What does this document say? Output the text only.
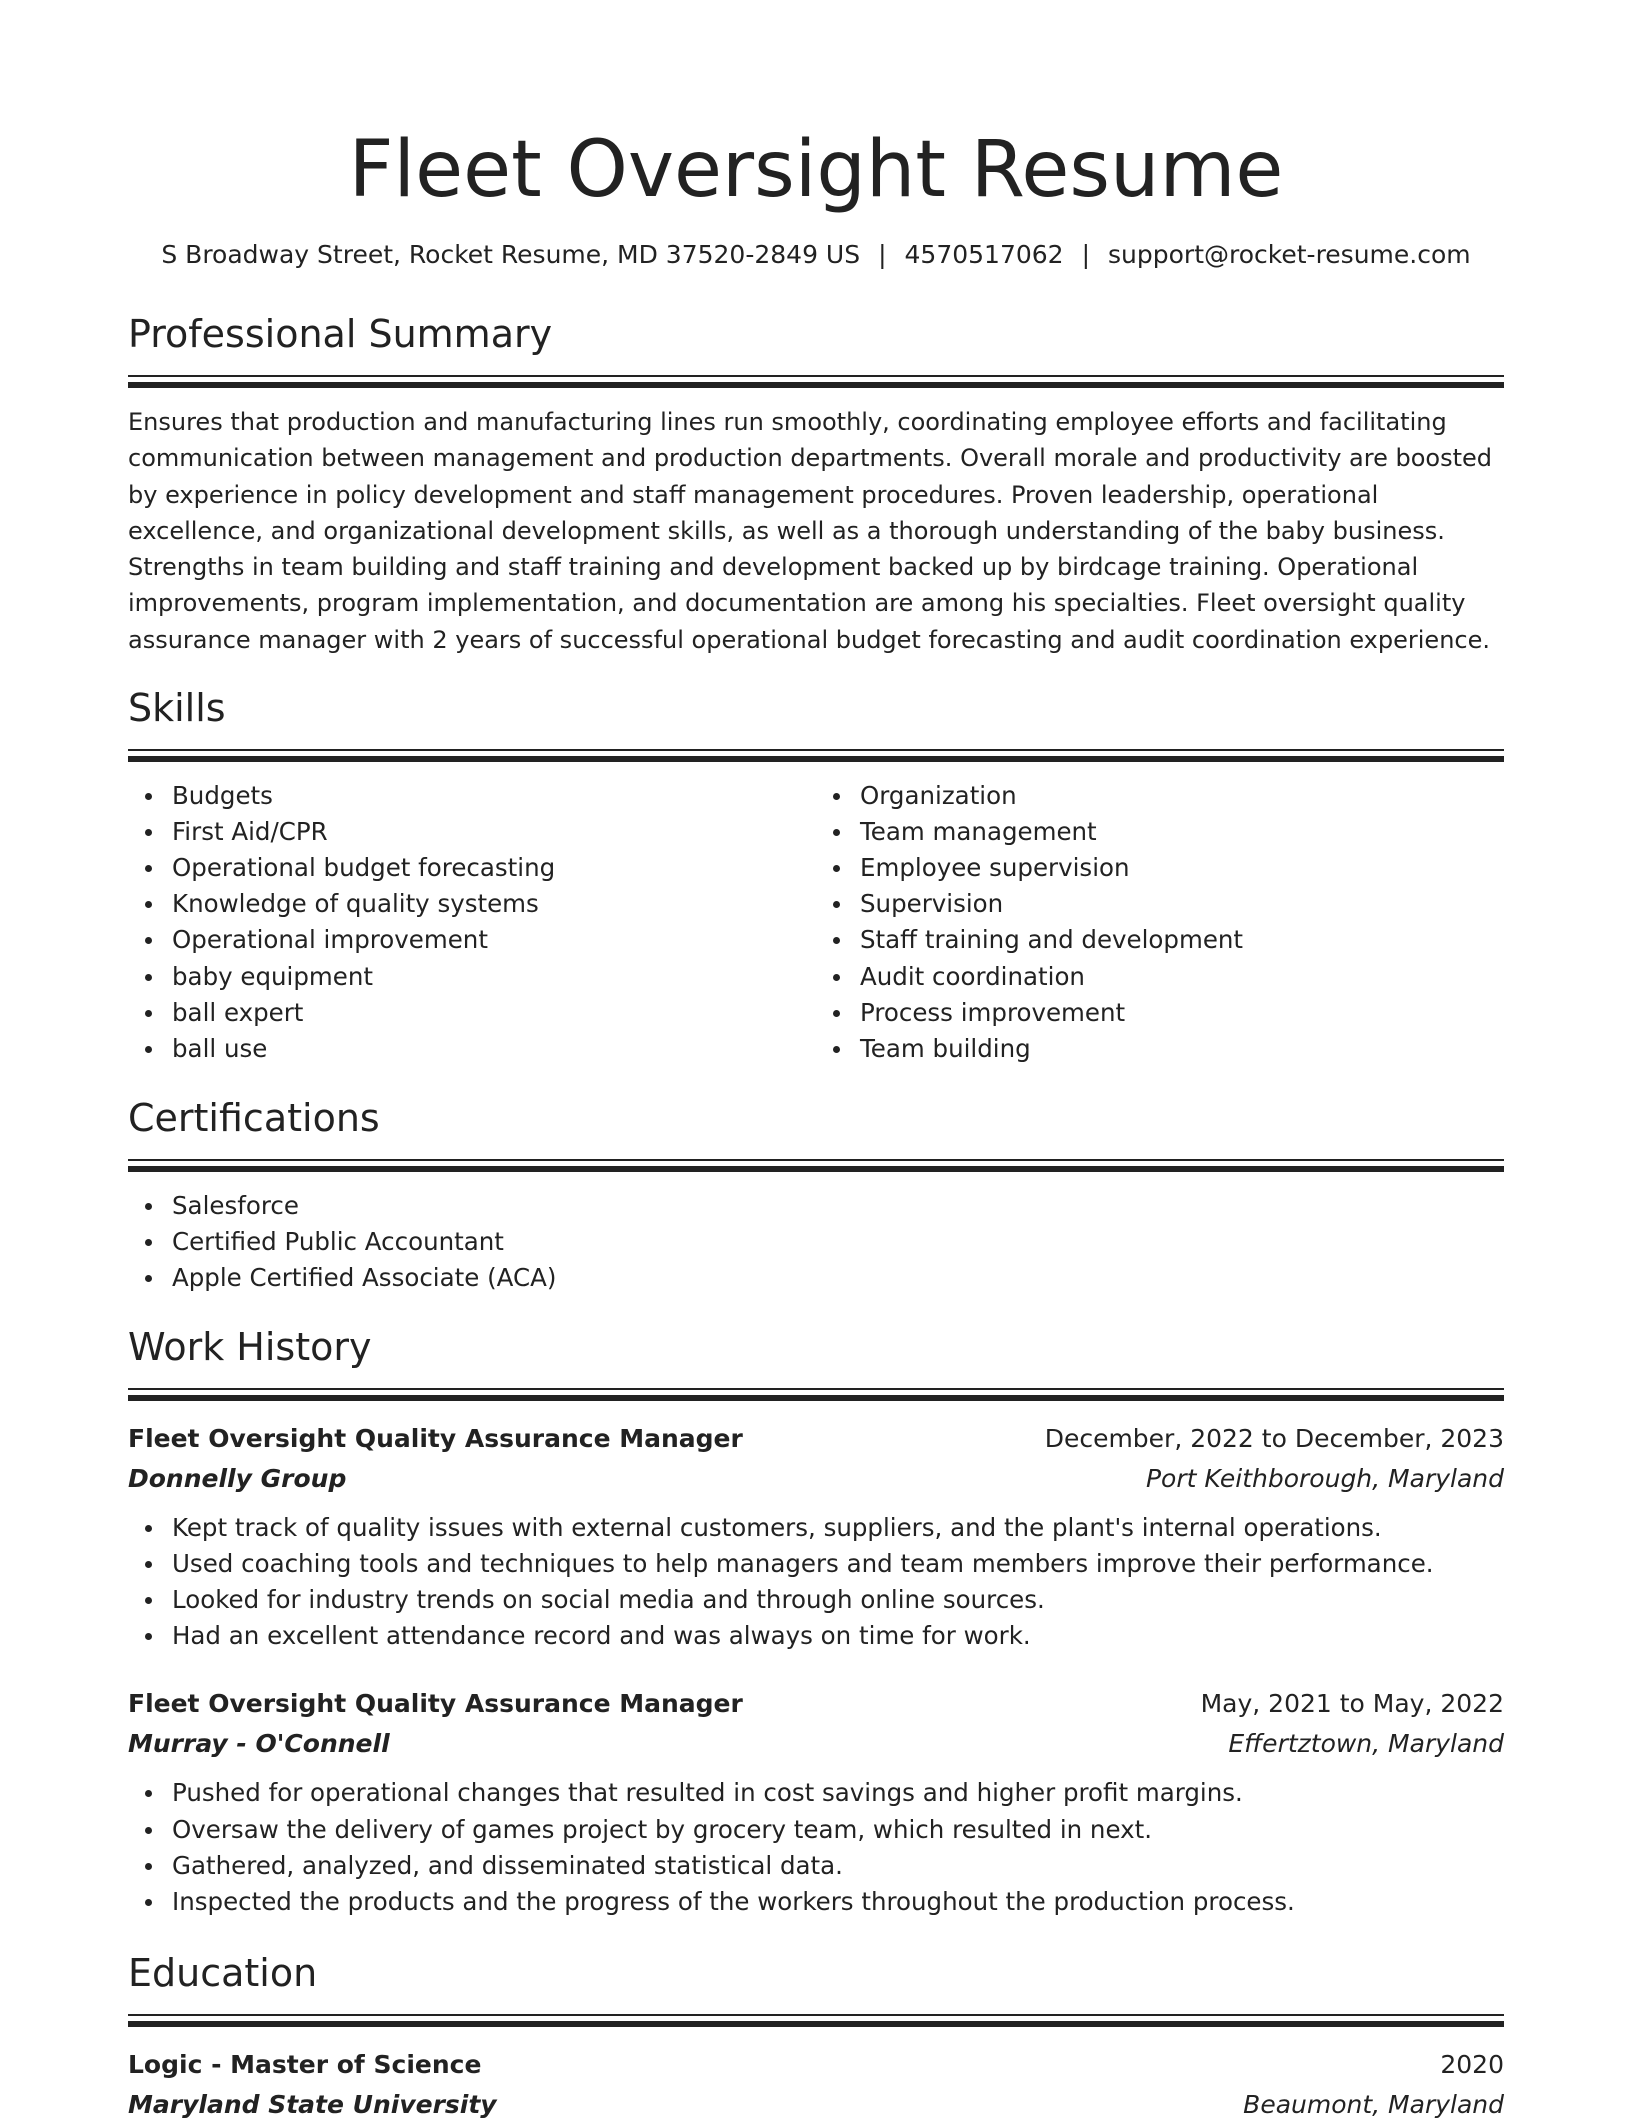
Fleet Oversight Resume
S Broadway Street, Rocket Resume, MD 37520-2849 US | 4570517062 | support@rocket-resume.com
Professional Summary

Ensures that production and manufacturing lines run smoothly, coordinating employee efforts and facilitating communication between management and production departments. Overall morale and productivity are boosted by experience in policy development and staff management procedures. Proven leadership, operational excellence, and organizational development skills, as well as a thorough understanding of the baby business. Strengths in team building and staff training and development backed up by birdcage training. Operational improvements, program implementation, and documentation are among his specialties. Fleet oversight quality assurance manager with 2 years of successful operational budget forecasting and audit coordination experience.

Skills
Budgets
First Aid/CPR
Operational budget forecasting
Knowledge of quality systems
Operational improvement
baby equipment
ball expert
ball use
Organization
Team management
Employee supervision
Supervision
Staff training and development
Audit coordination
Process improvement
Team building
Certifications
Salesforce
Certified Public Accountant
Apple Certified Associate (ACA)
Work History
Fleet Oversight Quality Assurance Manager	December, 2022 to December, 2023
Donnelly Group	Port Keithborough, Maryland
Kept track of quality issues with external customers, suppliers, and the plant's internal operations.
Used coaching tools and techniques to help managers and team members improve their performance.
Looked for industry trends on social media and through online sources.
Had an excellent attendance record and was always on time for work.
Fleet Oversight Quality Assurance Manager	May, 2021 to May, 2022
Murray - O'Connell	Effertztown, Maryland
Pushed for operational changes that resulted in cost savings and higher profit margins.
Oversaw the delivery of games project by grocery team, which resulted in next.
Gathered, analyzed, and disseminated statistical data.
Inspected the products and the progress of the workers throughout the production process.
Education
Logic - Master of Science	2020
Maryland State University	Beaumont, Maryland
